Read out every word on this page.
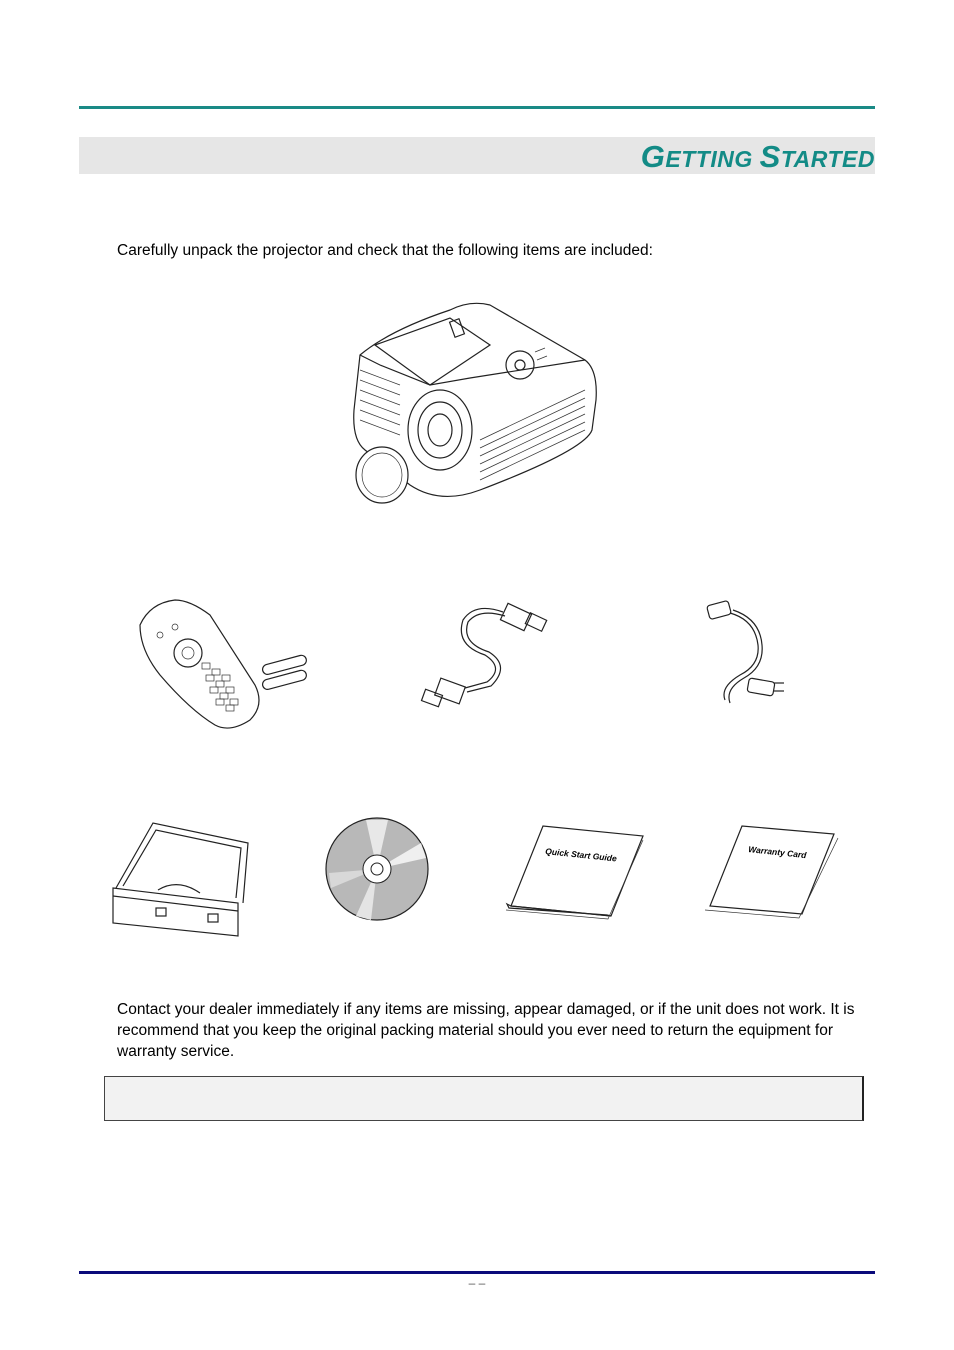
GETTING STARTED
Carefully unpack the projector and check that the following items are included:
Quick Start Guide	Warranty Card
Contact your dealer immediately if any items are missing, appear damaged, or if the unit does not work. It is recommend that you keep the original packing material should you ever need to return the equipment for warranty service.
– –
